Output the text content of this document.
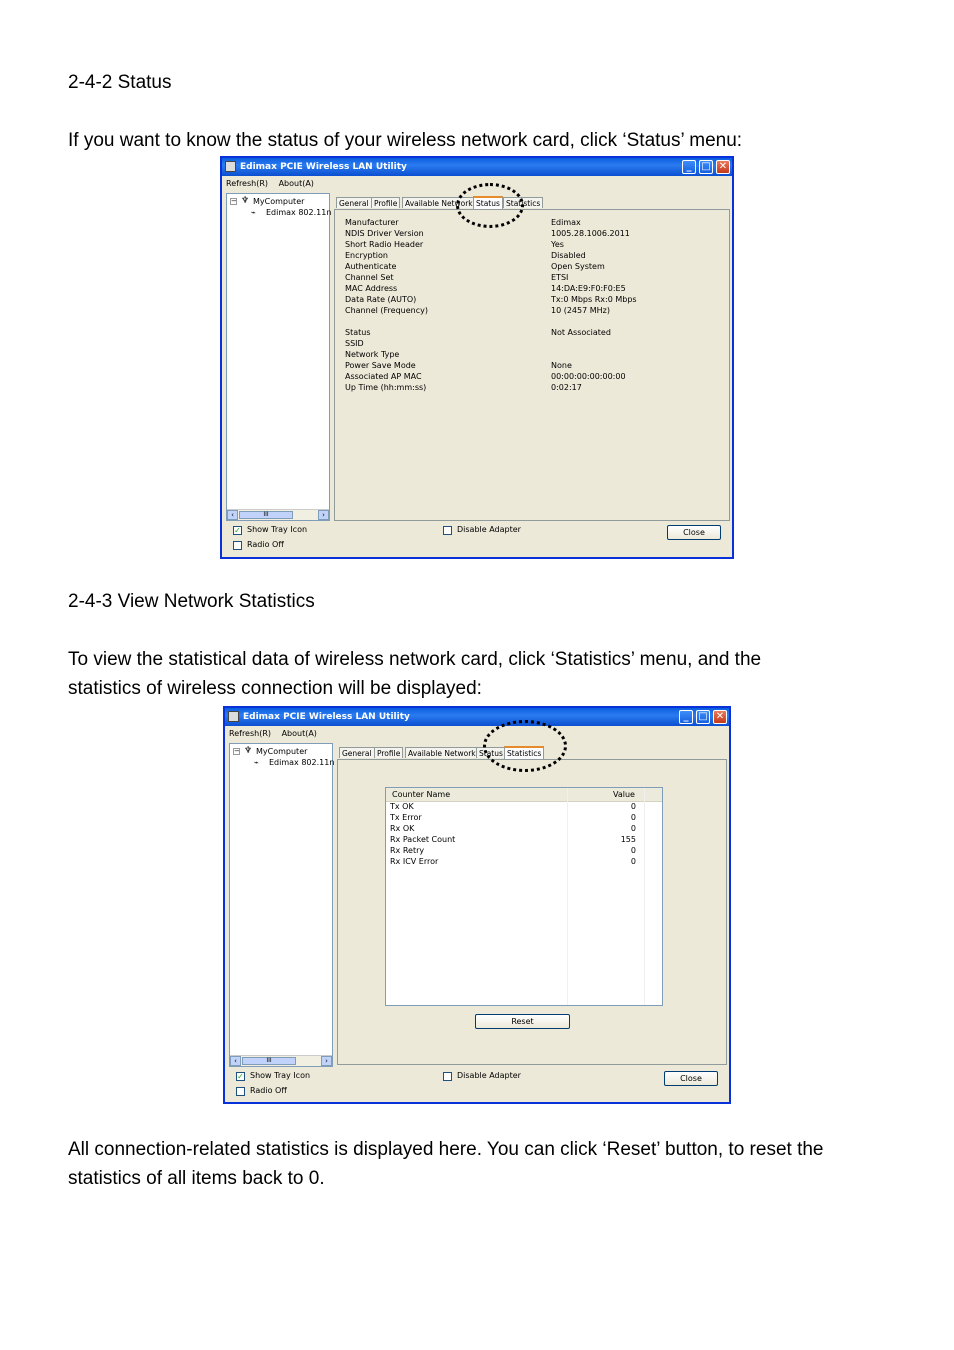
2-4-2 Status
If you want to know the status of your wireless network card, click ‘Status’ menu:
Edimax PCIE Wireless LAN Utility	_ □ ✕
Refresh(R) About(A)
− ♆ MyComputer
⌁ Edimax 802.11n
‹	III	›
General Profile	Available Network Status Statistics
Manufacturer	Edimax
NDIS Driver Version	1005.28.1006.2011
Short Radio Header	Yes
Encryption	Disabled
Authenticate	Open System
Channel Set	ETSI
MAC Address	14:DA:E9:F0:F0:E5
Data Rate (AUTO)	Tx:0 Mbps Rx:0 Mbps
Channel (Frequency)	10 (2457 MHz)
Status	Not Associated
SSID
Network Type
Power Save Mode	None
Associated AP MAC	00:00:00:00:00:00
Up Time (hh:mm:ss)	0:02:17
✓ Show Tray Icon
Radio Off
Disable Adapter	Close
2-4-3 View Network Statistics
To view the statistical data of wireless network card, click ‘Statistics’ menu, and the
statistics of wireless connection will be displayed:
Edimax PCIE Wireless LAN Utility	_ □ ✕
Refresh(R) About(A)
− ♆ MyComputer
⌁ Edimax 802.11n
‹	III	›
General Profile	Available Network Status Statistics
Counter Name	Value
Tx OK	0
Tx Error	0
Rx OK	0
Rx Packet Count	155
Rx Retry	0
Rx ICV Error	0
Reset
✓ Show Tray Icon
Radio Off
Disable Adapter	Close
All connection-related statistics is displayed here. You can click ‘Reset’ button, to reset the
statistics of all items back to 0.
